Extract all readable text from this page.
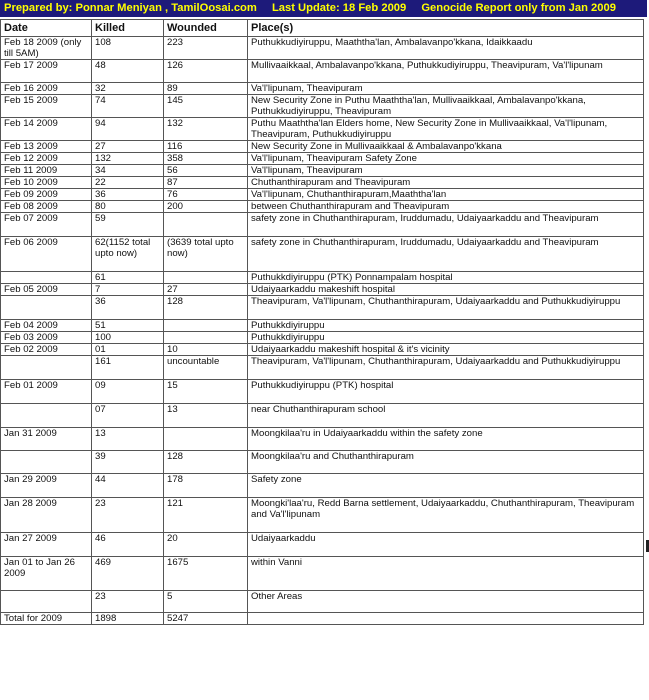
Prepared by: Ponnar Meniyan , TamilOosai.com Last Update: 18 Feb 2009 Genocide Report only from Jan 2009
Date	Killed	Wounded	Place(s)
Feb 18 2009 (only till 5AM)	108	223	Puthukkudiyiruppu, Maaththa'lan, Ambalavanpo'kkana, Idaikkaadu
Feb 17 2009	48	126	Mullivaaikkaal, Ambalavanpo'kkana, Puthukkudiyiruppu, Theavipuram, Va'l'lipunam
Feb 16 2009	32	89	Va'l'lipunam, Theavipuram
Feb 15 2009	74	145	New Security Zone in Puthu Maaththa'lan, Mullivaaikkaal, Ambalavanpo'kkana, Puthukkudiyiruppu, Theavipuram
Feb 14 2009	94	132	Puthu Maaththa'lan Elders home, New Security Zone in Mullivaaikkaal, Va'l'lipunam, Theavipuram, Puthukkudiyiruppu
Feb 13 2009	27	116	New Security Zone in Mullivaaikkaal & Ambalavanpo'kkana
Feb 12 2009	132	358	Va'l'lipunam, Theavipuram Safety Zone
Feb 11 2009	34	56	Va'l'lipunam, Theavipuram
Feb 10 2009	22	87	Chuthanthirapuram and Theavipuram
Feb 09 2009	36	76	Va'l'lipunam, Chuthanthirapuram,Maaththa'lan
Feb 08 2009	80	200	between Chuthanthirapuram and Theavipuram
Feb 07 2009	59		safety zone in Chuthanthirapuram, Iruddumadu, Udaiyaarkaddu and Theavipuram
Feb 06 2009	62(1152 total upto now)	(3639 total upto now)	safety zone in Chuthanthirapuram, Iruddumadu, Udaiyaarkaddu and Theavipuram
	61		Puthukkdiyiruppu (PTK) Ponnampalam hospital
Feb 05 2009	7	27	Udaiyaarkaddu makeshift hospital
	36	128	Theavipuram, Va'l'lipunam, Chuthanthirapuram, Udaiyaarkaddu and Puthukkudiyiruppu
Feb 04 2009	51		Puthukkdiyiruppu
Feb 03 2009	100		Puthukkdiyiruppu
Feb 02 2009	01	10	Udaiyaarkaddu makeshift hospital & it's vicinity
	161	uncountable	Theavipuram, Va'l'lipunam, Chuthanthirapuram, Udaiyaarkaddu and Puthukkudiyiruppu
Feb 01 2009	09	15	Puthukkudiyiruppu (PTK) hospital
	07	13	near Chuthanthirapuram school
Jan 31 2009	13		Moongkilaa'ru in Udaiyaarkaddu within the safety zone
	39	128	Moongkilaa'ru and Chuthanthirapuram
Jan 29 2009	44	178	Safety zone
Jan 28 2009	23	121	Moongki'laa'ru, Redd Barna settlement, Udaiyaarkaddu, Chuthanthirapuram, Theavipuram and Va'l'lipunam
Jan 27 2009	46	20	Udaiyaarkaddu
Jan 01 to Jan 26 2009	469	1675	within Vanni
	23	5	Other Areas
Total for 2009	1898	5247	
